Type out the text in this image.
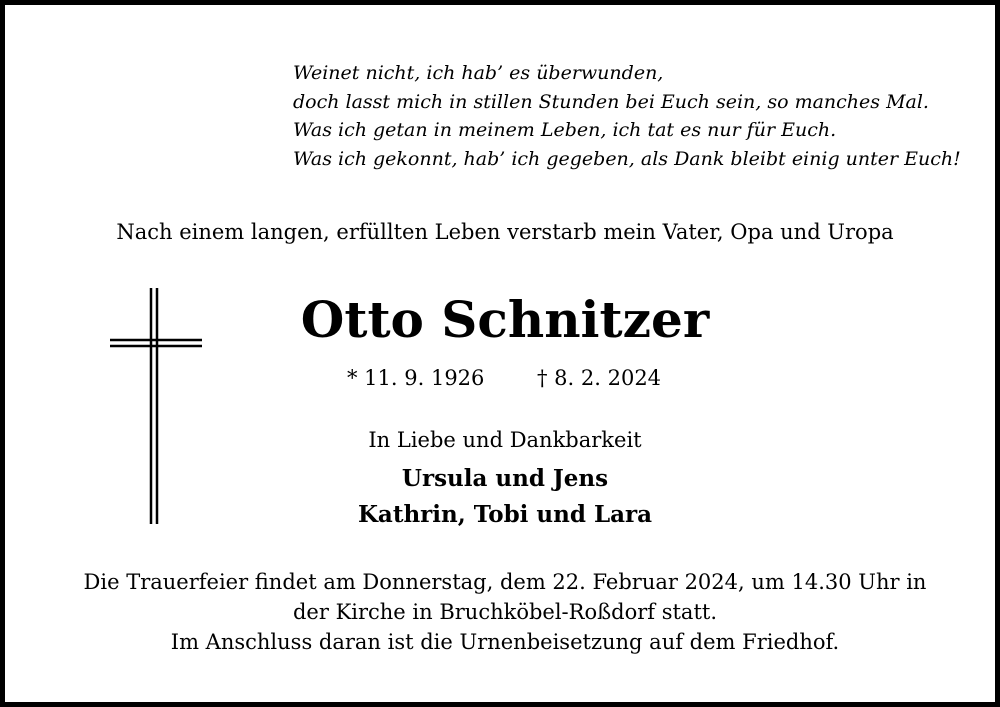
Weinet nicht, ich hab’ es überwunden,
doch lasst mich in stillen Stunden bei Euch sein, so manches Mal.
Was ich getan in meinem Leben, ich tat es nur für Euch.
Was ich gekonnt, hab’ ich gegeben, als Dank bleibt einig unter Euch!
Nach einem langen, erfüllten Leben verstarb mein Vater, Opa und Uropa
Otto Schnitzer
* 11. 9. 1926	† 8. 2. 2024
In Liebe und Dankbarkeit
Ursula und Jens
Kathrin, Tobi und Lara
Die Trauerfeier findet am Donnerstag, dem 22. Februar 2024, um 14.30 Uhr in
der Kirche in Bruchköbel-Roßdorf statt.
Im Anschluss daran ist die Urnenbeisetzung auf dem Friedhof.
